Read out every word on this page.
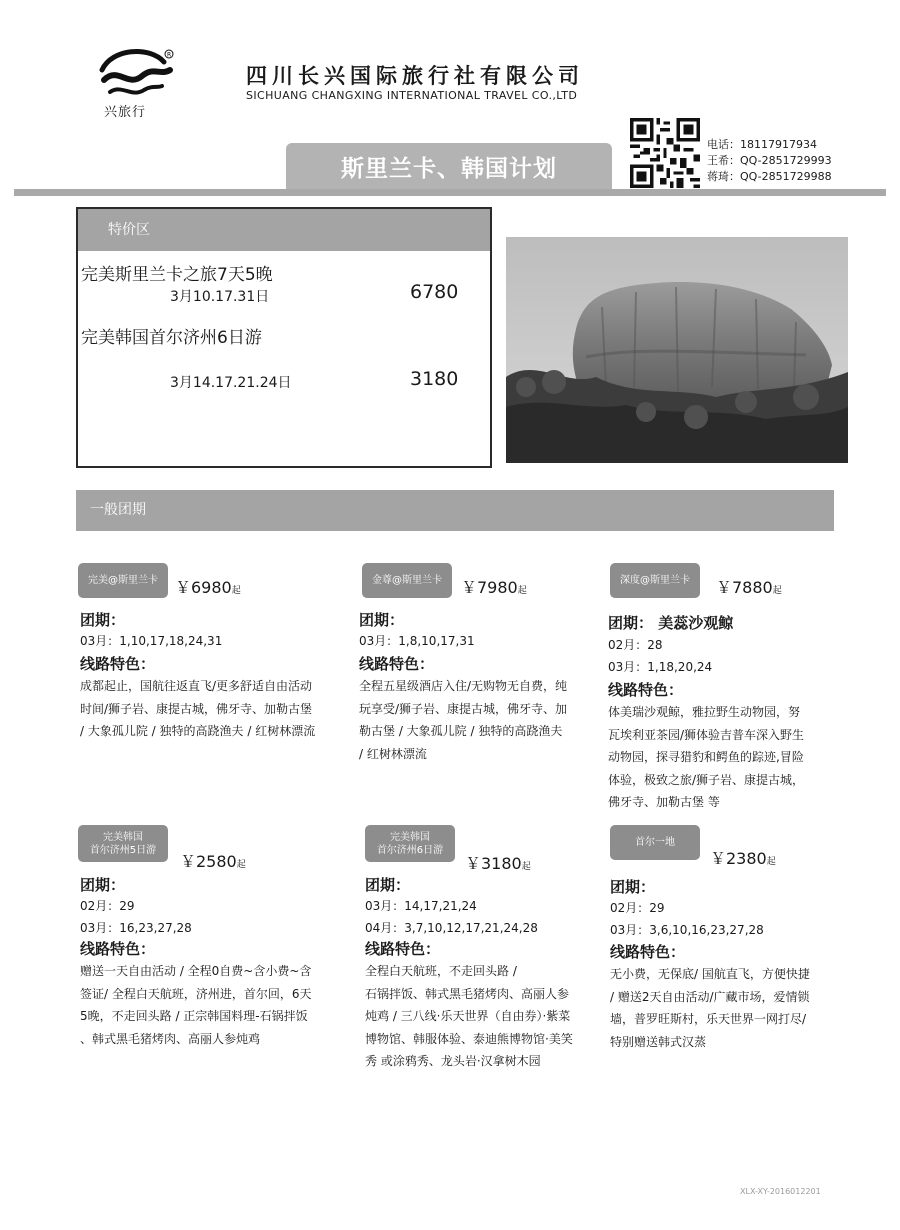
R
兴旅行
四川长兴国际旅行社有限公司
SICHUANG CHANGXING INTERNATIONAL TRAVEL CO.,LTD
电话：18117917934
王希：QQ-2851729993
蒋琦：QQ-2851729988
斯里兰卡、韩国计划
特价区
完美斯里兰卡之旅7天5晚
3月10.17.31日	6780
完美韩国首尔济州6日游
3月14.17.21.24日	3180
一般团期
完美@斯里兰卡	￥6980起
团期：
03月：1,10,17,18,24,31
线路特色：
成都起止，国航往返直飞/更多舒适自由活动
时间/狮子岩、康提古城，佛牙寺、加勒古堡
/ 大象孤儿院 / 独特的高跷渔夫 / 红树林漂流
金尊@斯里兰卡	￥7980起
团期：
03月：1,8,10,17,31
线路特色：
全程五星级酒店入住/无购物无自费，纯
玩享受/狮子岩、康提古城，佛牙寺、加
勒古堡 / 大象孤儿院 / 独特的高跷渔夫
/ 红树林漂流
深度@斯里兰卡	￥7880起
团期： 美蕊沙观鲸
02月：28
03月：1,18,20,24
线路特色：
体美瑞沙观鲸，雅拉野生动物园，努
瓦埃利亚茶园/狮体验吉普车深入野生
动物园，探寻猎豹和鳄鱼的踪迹,冒险
体验，极致之旅/狮子岩、康提古城，
佛牙寺、加勒古堡 等
完美韩国
首尔济州5日游
￥2580起
团期：
02月：29
03月：16,23,27,28
线路特色：
赠送一天自由活动 / 全程0自费~含小费~含
签证/ 全程白天航班，济州进，首尔回，6天
5晚，不走回头路 / 正宗韩国料理-石锅拌饭
、韩式黑毛猪烤肉、高丽人参炖鸡
完美韩国
首尔济州6日游
￥3180起
团期：
03月：14,17,21,24
04月：3,7,10,12,17,21,24,28
线路特色：
全程白天航班，不走回头路 /
石锅拌饭、韩式黑毛猪烤肉、高丽人参
炖鸡 / 三八线·乐天世界（自由券）·紫菜
博物馆、韩服体验、泰迪熊博物馆·美笑
秀 或涂鸦秀、龙头岩·汉拿树木园
首尔一地
￥2380起
团期：
02月：29
03月：3,6,10,16,23,27,28
线路特色：
无小费，无保底/ 国航直飞，方便快捷
/ 赠送2天自由活动/广藏市场，爱情锁
墙，普罗旺斯村，乐天世界一网打尽/
特别赠送韩式汉蒸
XLX-XY-2016012201
